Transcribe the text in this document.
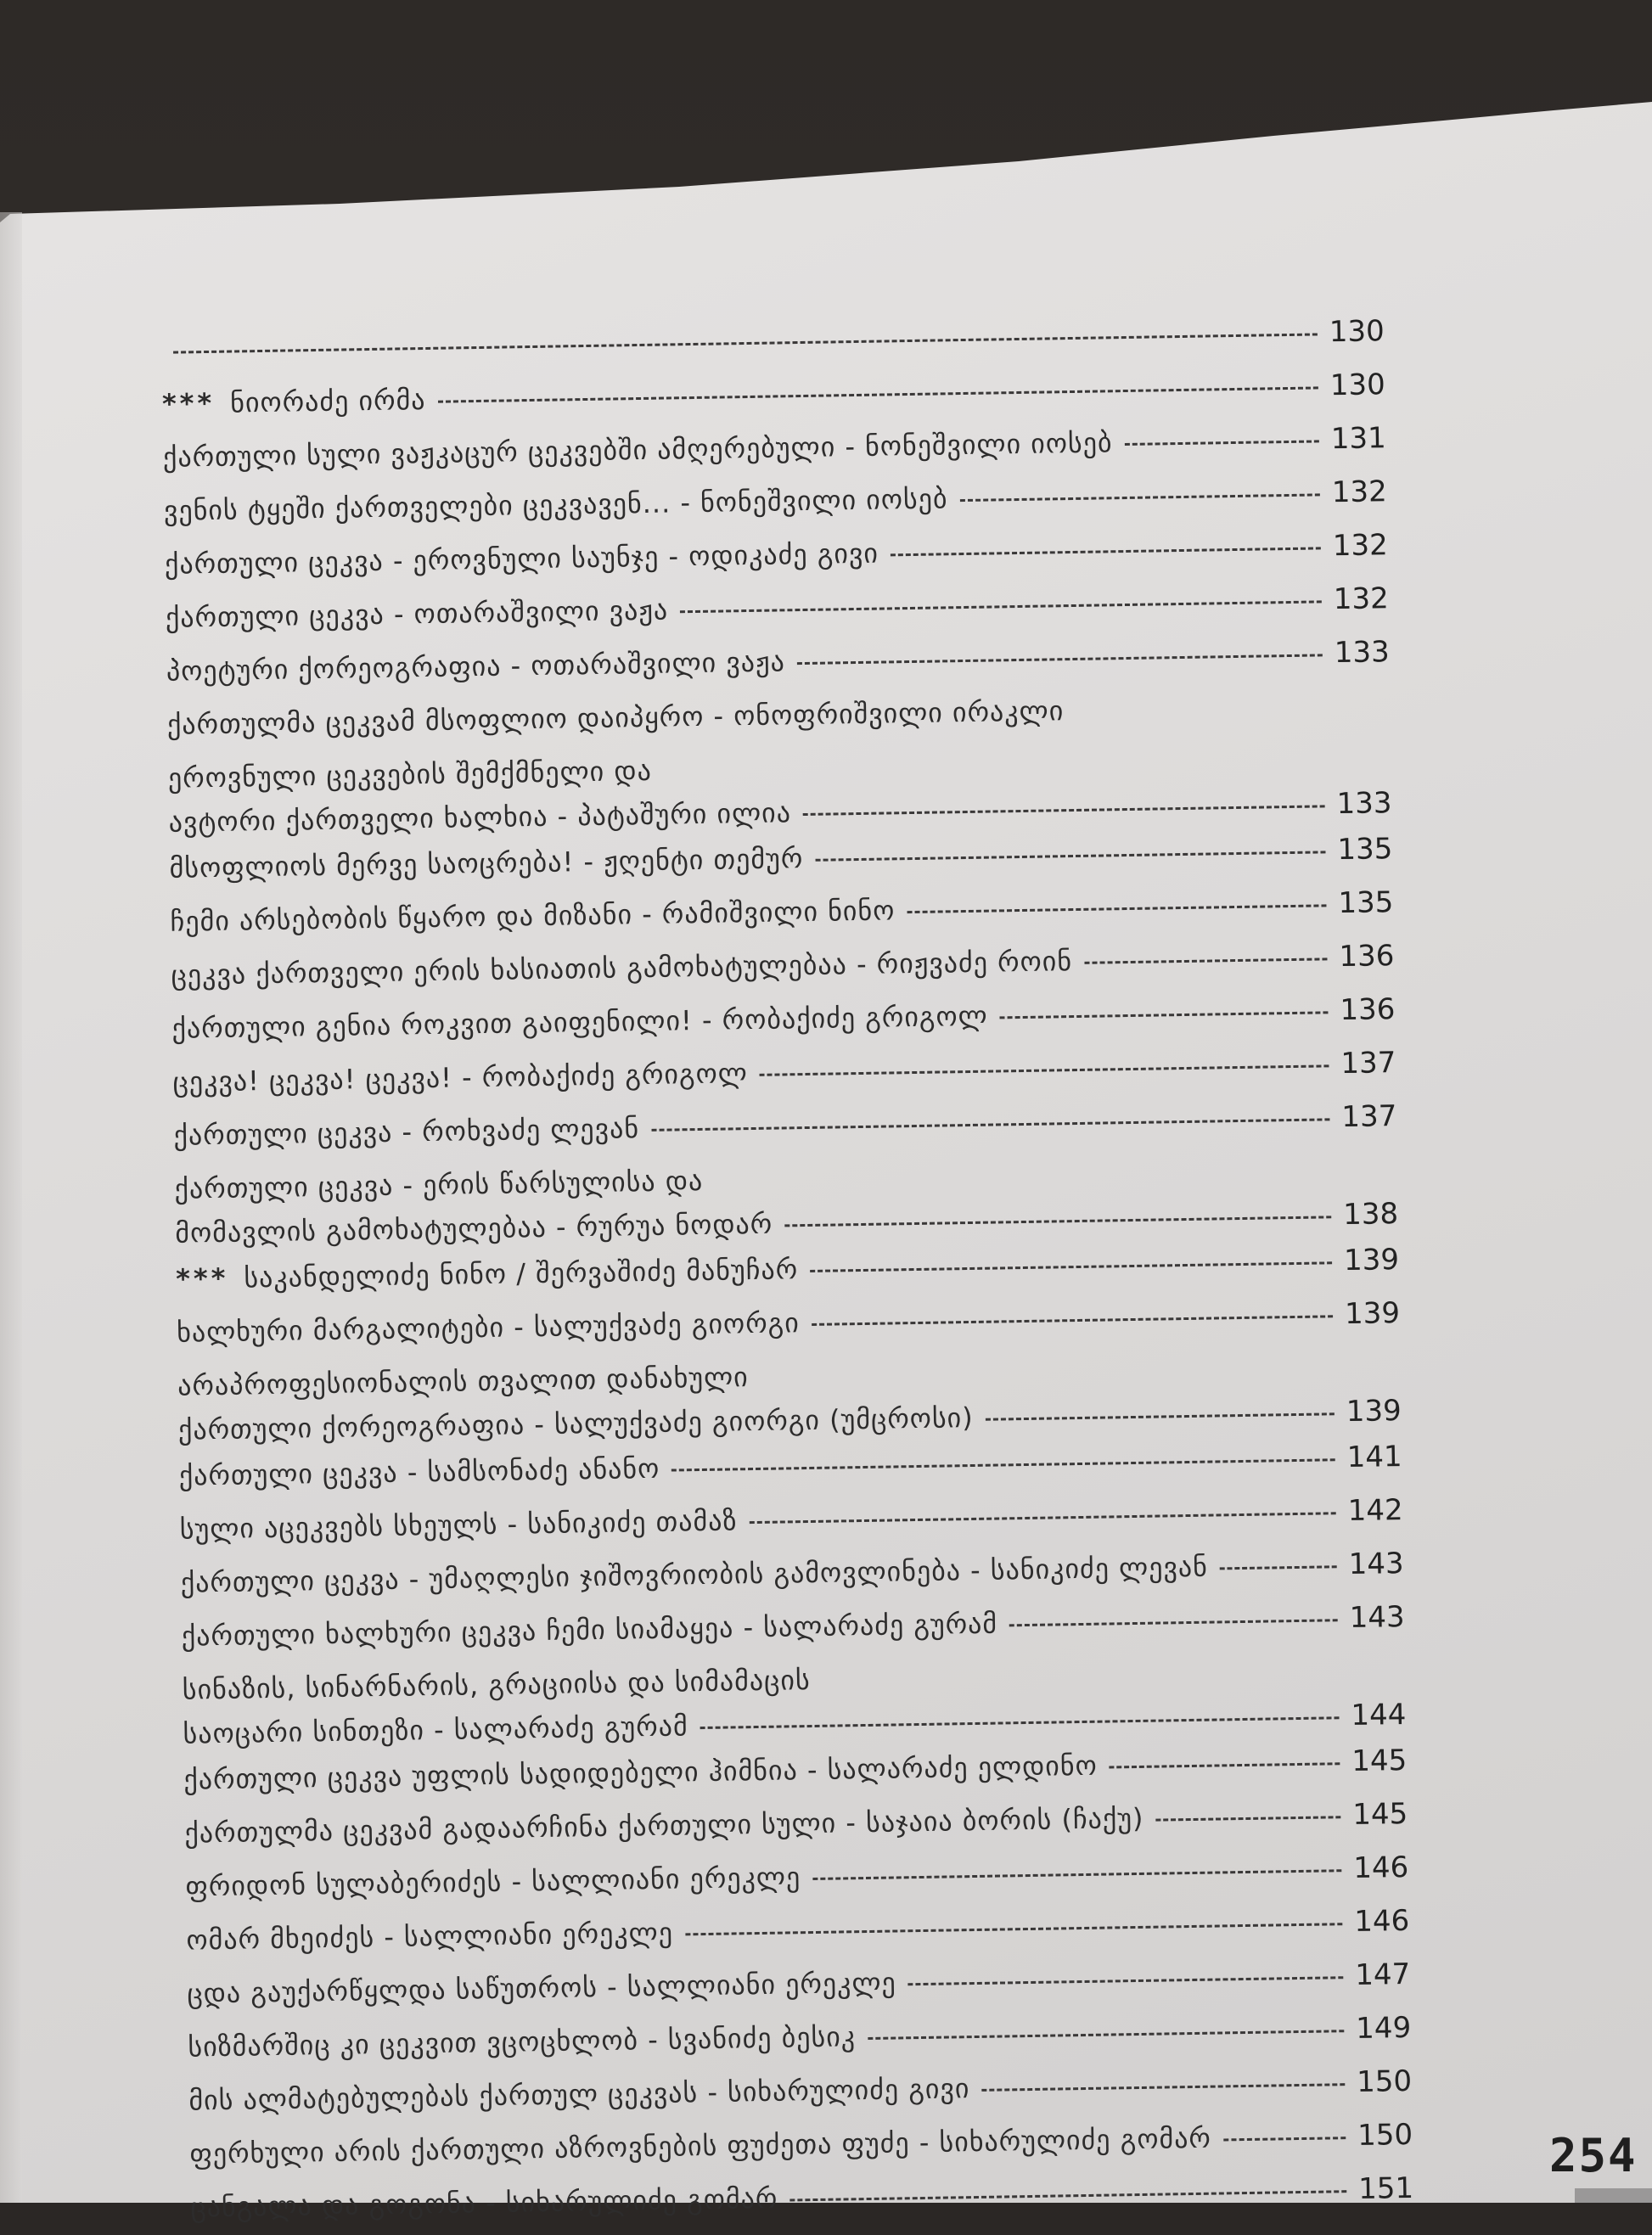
130
*** ნიორაძე ირმა	130
ქართული სული ვაჟკაცურ ცეკვებში ამღერებული - ნონეშვილი იოსებ	131
ვენის ტყეში ქართველები ცეკვავენ... - ნონეშვილი იოსებ	132
ქართული ცეკვა - ეროვნული საუნჯე - ოდიკაძე გივი	132
ქართული ცეკვა - ოთარაშვილი ვაჟა	132
პოეტური ქორეოგრაფია - ოთარაშვილი ვაჟა	133
ქართულმა ცეკვამ მსოფლიო დაიპყრო - ონოფრიშვილი ირაკლი
ეროვნული ცეკვების შემქმნელი და
ავტორი ქართველი ხალხია - პატაშური ილია	133
მსოფლიოს მერვე საოცრება! - ჟღენტი თემურ	135
ჩემი არსებობის წყარო და მიზანი - რამიშვილი ნინო	135
ცეკვა ქართველი ერის ხასიათის გამოხატულებაა - რიჟვაძე როინ	136
ქართული გენია როკვით გაიფენილი! - რობაქიძე გრიგოლ	136
ცეკვა! ცეკვა! ცეკვა! - რობაქიძე გრიგოლ	137
ქართული ცეკვა - როხვაძე ლევან	137
ქართული ცეკვა - ერის წარსულისა და
მომავლის გამოხატულებაა - რურუა ნოდარ	138
*** საკანდელიძე ნინო / შერვაშიძე მანუჩარ	139
ხალხური მარგალიტები - სალუქვაძე გიორგი	139
არაპროფესიონალის თვალით დანახული
ქართული ქორეოგრაფია - სალუქვაძე გიორგი (უმცროსი)	139
ქართული ცეკვა - სამსონაძე ანანო	141
სული აცეკვებს სხეულს - სანიკიძე თამაზ	142
ქართული ცეკვა - უმაღლესი ჯიშოვრიობის გამოვლინება - სანიკიძე ლევან	143
ქართული ხალხური ცეკვა ჩემი სიამაყეა - სალარაძე გურამ	143
სინაზის, სინარნარის, გრაციისა და სიმამაცის
საოცარი სინთეზი - სალარაძე გურამ	144
ქართული ცეკვა უფლის სადიდებელი ჰიმნია - სალარაძე ელდინო	145
ქართულმა ცეკვამ გადაარჩინა ქართული სული - საჯაია ბორის (ჩაქუ)	145
ფრიდონ სულაბერიძეს - სალლიანი ერეკლე	146
ომარ მხეიძეს - სალლიანი ერეკლე	146
ცდა გაუქარწყლდა საწუთროს - სალლიანი ერეკლე	147
სიზმარშიც კი ცეკვით ვცოცხლობ - სვანიძე ბესიკ	149
მის ალმატებულებას ქართულ ცეკვას - სიხარულიძე გივი	150
ფერხული არის ქართული აზროვნების ფუძეთა ფუძე - სიხარულიძე გომარ	150
ცანგალა და გოგონა - სიხარულიძე გომარ	151
254
